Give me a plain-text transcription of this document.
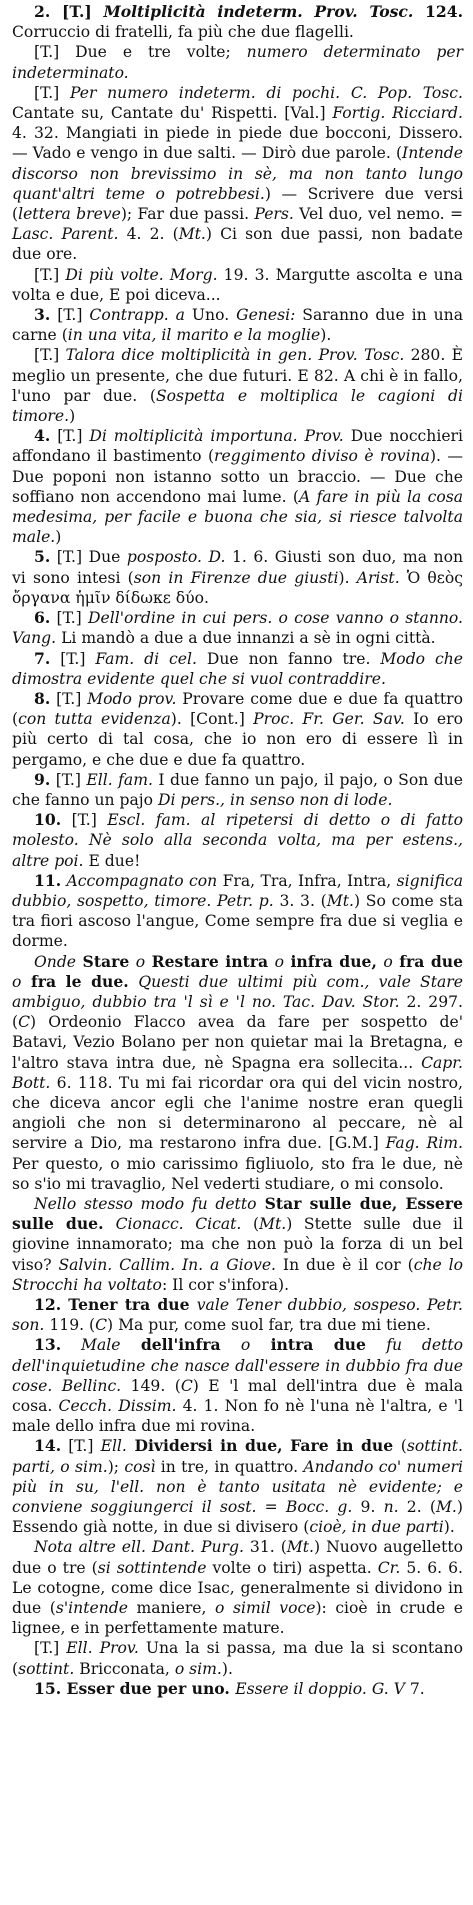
2. [T.] Moltiplicità indeterm. Prov. Tosc. 124. Corruccio di fratelli, fa più che due flagelli.

[T.] Due e tre volte; numero determinato per indeterminato.

[T.] Per numero indeterm. di pochi. C. Pop. Tosc. Cantate su, Cantate du' Rispetti. [Val.] Fortig. Ricciard. 4. 32. Mangiati in piede in piede due bocconi, Dissero. — Vado e vengo in due salti. — Dirò due parole. (Intende discorso non brevissimo in sè, ma non tanto lungo quant'altri teme o potrebbesi.) — Scrivere due versi (lettera breve); Far due passi. Pers. Vel duo, vel nemo. = Lasc. Parent. 4. 2. (Mt.) Ci son due passi, non badate due ore.

[T.] Di più volte. Morg. 19. 3. Margutte ascolta e una volta e due, E poi diceva...

3. [T.] Contrapp. a Uno. Genesi: Saranno due in una carne (in una vita, il marito e la moglie).

[T.] Talora dice moltiplicità in gen. Prov. Tosc. 280. È meglio un presente, che due futuri. E 82. A chi è in fallo, l'uno par due. (Sospetta e moltiplica le cagioni di timore.)

4. [T.] Di moltiplicità importuna. Prov. Due nocchieri affondano il bastimento (reggimento diviso è rovina). — Due poponi non istanno sotto un braccio. — Due che soffiano non accendono mai lume. (A fare in più la cosa medesima, per facile e buona che sia, si riesce talvolta male.)

5. [T.] Due posposto. D. 1. 6. Giusti son duo, ma non vi sono intesi (son in Firenze due giusti). Arist. Ὁ θεὸς ὄργανα ἡμῖν δίδωκε δύο.

6. [T.] Dell'ordine in cui pers. o cose vanno o stanno. Vang. Li mandò a due a due innanzi a sè in ogni città.

7. [T.] Fam. di cel. Due non fanno tre. Modo che dimostra evidente quel che si vuol contraddire.

8. [T.] Modo prov. Provare come due e due fa quattro (con tutta evidenza). [Cont.] Proc. Fr. Ger. Sav. Io ero più certo di tal cosa, che io non ero di essere lì in pergamo, e che due e due fa quattro.

9. [T.] Ell. fam. I due fanno un pajo, il pajo, o Son due che fanno un pajo Di pers., in senso non di lode.

10. [T.] Escl. fam. al ripetersi di detto o di fatto molesto. Nè solo alla seconda volta, ma per estens., altre poi. E due!

11. Accompagnato con Fra, Tra, Infra, Intra, significa dubbio, sospetto, timore. Petr. p. 3. 3. (Mt.) So come sta tra fiori ascoso l'angue, Come sempre fra due si veglia e dorme.

Onde Stare o Restare intra o infra due, o fra due o fra le due. Questi due ultimi più com., vale Stare ambiguo, dubbio tra 'l sì e 'l no. Tac. Dav. Stor. 2. 297. (C) Ordeonio Flacco avea da fare per sospetto de' Batavi, Vezio Bolano per non quietar mai la Bretagna, e l'altro stava intra due, nè Spagna era sollecita... Capr. Bott. 6. 118. Tu mi fai ricordar ora qui del vicin nostro, che diceva ancor egli che l'anime nostre eran quegli angioli che non si determinarono al peccare, nè al servire a Dio, ma restarono infra due. [G.M.] Fag. Rim. Per questo, o mio carissimo figliuolo, sto fra le due, nè so s'io mi travaglio, Nel vederti studiare, o mi consolo.

Nello stesso modo fu detto Star sulle due, Essere sulle due. Cionacc. Cicat. (Mt.) Stette sulle due il giovine innamorato; ma che non può la forza di un bel viso? Salvin. Callim. In. a Giove. In due è il cor (che lo Strocchi ha voltato: Il cor s'infora).

12. Tener tra due vale Tener dubbio, sospeso. Petr. son. 119. (C) Ma pur, come suol far, tra due mi tiene.

13. Male dell'infra o intra due fu detto dell'inquietudine che nasce dall'essere in dubbio fra due cose. Bellinc. 149. (C) E 'l mal dell'intra due è mala cosa. Cecch. Dissim. 4. 1. Non fo nè l'una nè l'altra, e 'l male dello infra due mi rovina.

14. [T.] Ell. Dividersi in due, Fare in due (sottint. parti, o sim.); così in tre, in quattro. Andando co' numeri più in su, l'ell. non è tanto usitata nè evidente; e conviene soggiungerci il sost. = Bocc. g. 9. n. 2. (M.) Essendo già notte, in due si divisero (cioè, in due parti).

Nota altre ell. Dant. Purg. 31. (Mt.) Nuovo augelletto due o tre (si sottintende volte o tiri) aspetta. Cr. 5. 6. 6. Le cotogne, come dice Isac, generalmente si dividono in due (s'intende maniere, o simil voce): cioè in crude e lignee, e in perfettamente mature.

[T.] Ell. Prov. Una la si passa, ma due la si scontano (sottint. Bricconata, o sim.).

15. Esser due per uno. Essere il doppio. G. V 7.
